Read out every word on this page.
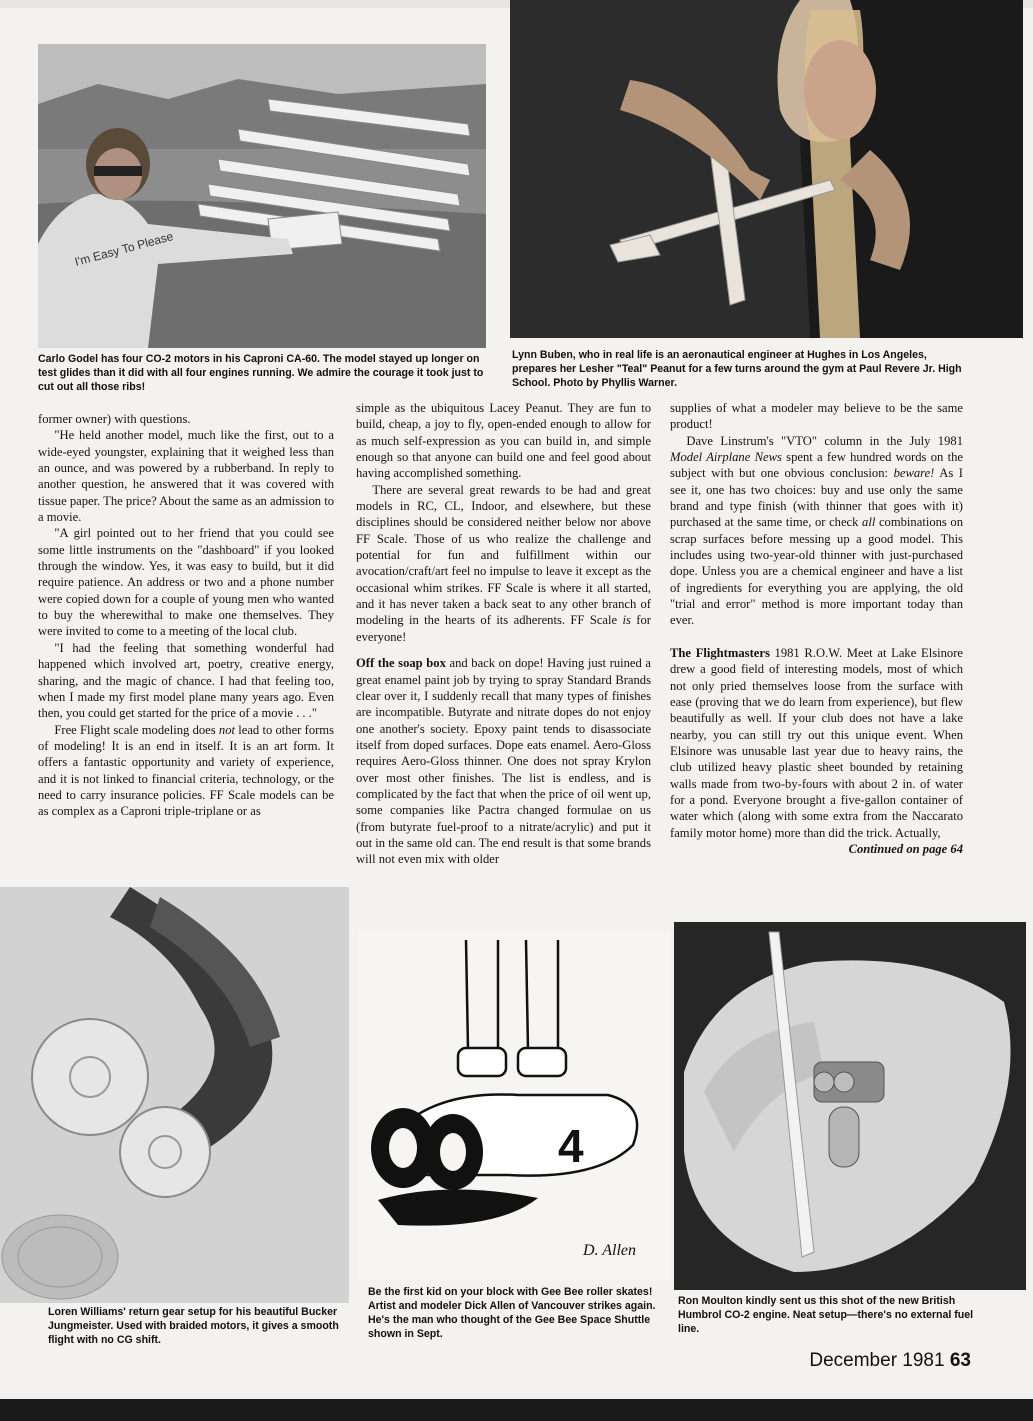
I'm Easy To Please
Carlo Godel has four CO-2 motors in his Caproni CA-60. The model stayed up longer on test glides than it did with all four engines running. We admire the courage it took just to cut out all those ribs!
Lynn Buben, who in real life is an aeronautical engineer at Hughes in Los Angeles, prepares her Lesher "Teal" Peanut for a few turns around the gym at Paul Revere Jr. High School. Photo by Phyllis Warner.

former owner) with questions.

"He held another model, much like the first, out to a wide-eyed youngster, explaining that it weighed less than an ounce, and was powered by a rubberband. In reply to another question, he answered that it was covered with tissue paper. The price? About the same as an admission to a movie.

"A girl pointed out to her friend that you could see some little instruments on the "dashboard" if you looked through the window. Yes, it was easy to build, but it did require patience. An address or two and a phone number were copied down for a couple of young men who wanted to buy the wherewithal to make one themselves. They were invited to come to a meeting of the local club.

"I had the feeling that something wonderful had happened which involved art, poetry, creative energy, sharing, and the magic of chance. I had that feeling too, when I made my first model plane many years ago. Even then, you could get started for the price of a movie . . ."

Free Flight scale modeling does not lead to other forms of modeling! It is an end in itself. It is an art form. It offers a fantastic opportunity and variety of experience, and it is not linked to financial criteria, technology, or the need to carry insurance policies. FF Scale models can be as complex as a Caproni triple-triplane or as

simple as the ubiquitous Lacey Peanut. They are fun to build, cheap, a joy to fly, open-ended enough to allow for as much self-expression as you can build in, and simple enough so that anyone can build one and feel good about having accomplished something.

There are several great rewards to be had and great models in RC, CL, Indoor, and elsewhere, but these disciplines should be considered neither below nor above FF Scale. Those of us who realize the challenge and potential for fun and fulfillment within our avocation/craft/art feel no impulse to leave it except as the occasional whim strikes. FF Scale is where it all started, and it has never taken a back seat to any other branch of modeling in the hearts of its adherents. FF Scale is for everyone!

Off the soap box and back on dope! Having just ruined a great enamel paint job by trying to spray Standard Brands clear over it, I suddenly recall that many types of finishes are incompatible. Butyrate and nitrate dopes do not enjoy one another's society. Epoxy paint tends to disassociate itself from doped surfaces. Dope eats enamel. Aero-Gloss requires Aero-Gloss thinner. One does not spray Krylon over most other finishes. The list is endless, and is complicated by the fact that when the price of oil went up, some companies like Pactra changed formulae on us (from butyrate fuel-proof to a nitrate/acrylic) and put it out in the same old can. The end result is that some brands will not even mix with older

supplies of what a modeler may believe to be the same product!

Dave Linstrum's "VTO" column in the July 1981 Model Airplane News spent a few hundred words on the subject with but one obvious conclusion: beware! As I see it, one has two choices: buy and use only the same brand and type finish (with thinner that goes with it) purchased at the same time, or check all combinations on scrap surfaces before messing up a good model. This includes using two-year-old thinner with just-purchased dope. Unless you are a chemical engineer and have a list of ingredients for everything you are applying, the old "trial and error" method is more important today than ever.

The Flightmasters 1981 R.O.W. Meet at Lake Elsinore drew a good field of interesting models, most of which not only pried themselves loose from the surface with ease (proving that we do learn from experience), but flew beautifully as well. If your club does not have a lake nearby, you can still try out this unique event. When Elsinore was unusable last year due to heavy rains, the club utilized heavy plastic sheet bounded by retaining walls made from two-by-fours with about 2 in. of water for a pond. Everyone brought a five-gallon container of water which (along with some extra from the Naccarato family motor home) more than did the trick. Actually,

Continued on page 64
Loren Williams' return gear setup for his beautiful Bucker Jungmeister. Used with braided motors, it gives a smooth flight with no CG shift.
4
D. Allen
Be the first kid on your block with Gee Bee roller skates! Artist and modeler Dick Allen of Vancouver strikes again. He's the man who thought of the Gee Bee Space Shuttle shown in Sept.
Ron Moulton kindly sent us this shot of the new British Humbrol CO-2 engine. Neat setup—there's no external fuel line.
December 1981 63
